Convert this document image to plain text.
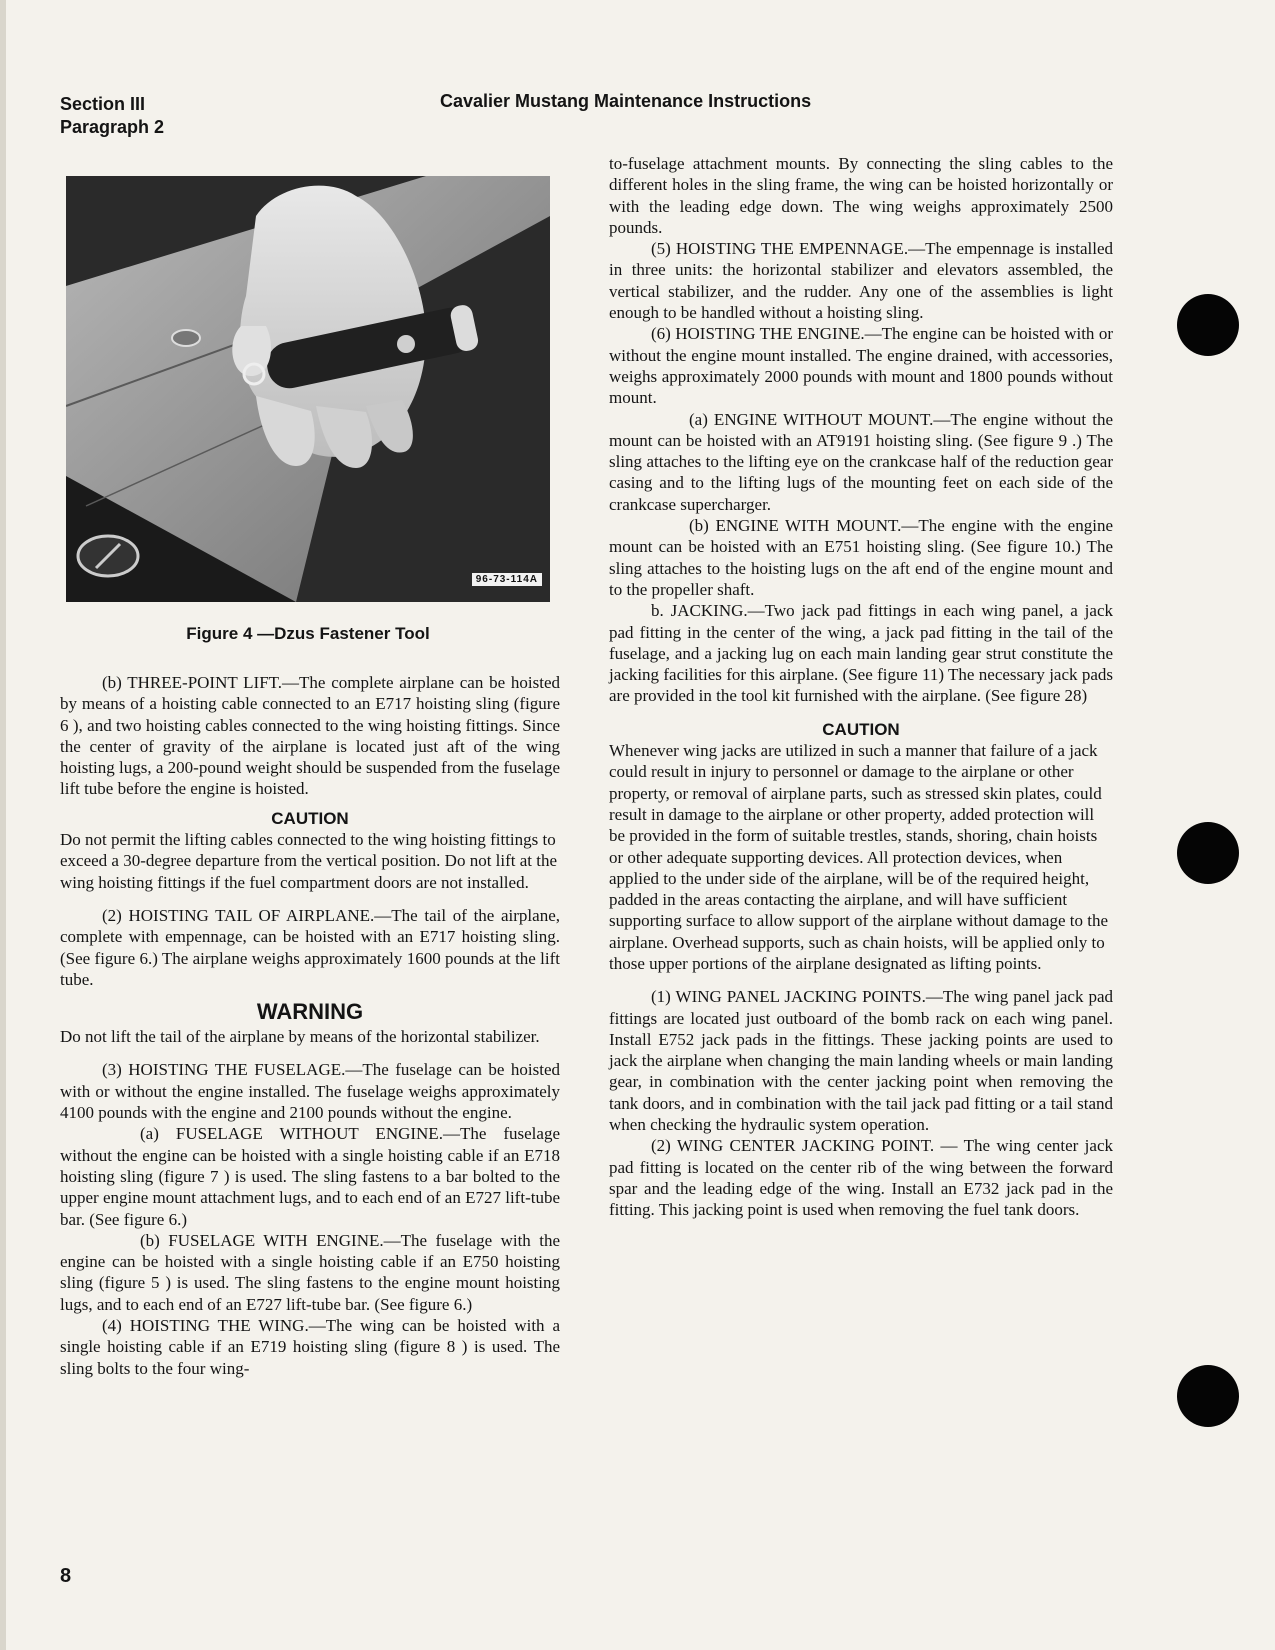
Section III
Paragraph 2
Cavalier Mustang Maintenance Instructions
96-73-114A
Figure 4 —Dzus Fastener Tool

(b) THREE-POINT LIFT.—The complete airplane can be hoisted by means of a hoisting cable connected to an E717 hoisting sling (figure 6 ), and two hoisting cables connected to the wing hoisting fittings. Since the center of gravity of the airplane is located just aft of the wing hoisting lugs, a 200-pound weight should be suspended from the fuselage lift tube before the engine is hoisted.

CAUTION

Do not permit the lifting cables connected to the wing hoisting fittings to exceed a 30-degree departure from the vertical position. Do not lift at the wing hoisting fittings if the fuel compartment doors are not installed.

(2) HOISTING TAIL OF AIRPLANE.—The tail of the airplane, complete with empennage, can be hoisted with an E717 hoisting sling. (See figure 6.) The airplane weighs approximately 1600 pounds at the lift tube.

WARNING

Do not lift the tail of the airplane by means of the horizontal stabilizer.

(3) HOISTING THE FUSELAGE.—The fuselage can be hoisted with or without the engine installed. The fuselage weighs approximately 4100 pounds with the engine and 2100 pounds without the engine.

(a) FUSELAGE WITHOUT ENGINE.—The fuselage without the engine can be hoisted with a single hoisting cable if an E718 hoisting sling (figure 7 ) is used. The sling fastens to a bar bolted to the upper engine mount attachment lugs, and to each end of an E727 lift-tube bar. (See figure 6.)

(b) FUSELAGE WITH ENGINE.—The fuselage with the engine can be hoisted with a single hoisting cable if an E750 hoisting sling (figure 5 ) is used. The sling fastens to the engine mount hoisting lugs, and to each end of an E727 lift-tube bar. (See figure 6.)

(4) HOISTING THE WING.—The wing can be hoisted with a single hoisting cable if an E719 hoisting sling (figure 8 ) is used. The sling bolts to the four wing-

to-fuselage attachment mounts. By connecting the sling cables to the different holes in the sling frame, the wing can be hoisted horizontally or with the leading edge down. The wing weighs approximately 2500 pounds.

(5) HOISTING THE EMPENNAGE.—The empennage is installed in three units: the horizontal stabilizer and elevators assembled, the vertical stabilizer, and the rudder. Any one of the assemblies is light enough to be handled without a hoisting sling.

(6) HOISTING THE ENGINE.—The engine can be hoisted with or without the engine mount installed. The engine drained, with accessories, weighs approximately 2000 pounds with mount and 1800 pounds without mount.

(a) ENGINE WITHOUT MOUNT.—The engine without the mount can be hoisted with an AT9191 hoisting sling. (See figure 9 .) The sling attaches to the lifting eye on the crankcase half of the reduction gear casing and to the lifting lugs of the mounting feet on each side of the crankcase supercharger.

(b) ENGINE WITH MOUNT.—The engine with the engine mount can be hoisted with an E751 hoisting sling. (See figure 10.) The sling attaches to the hoisting lugs on the aft end of the engine mount and to the propeller shaft.

b. JACKING.—Two jack pad fittings in each wing panel, a jack pad fitting in the center of the wing, a jack pad fitting in the tail of the fuselage, and a jacking lug on each main landing gear strut constitute the jacking facilities for this airplane. (See figure 11) The necessary jack pads are provided in the tool kit furnished with the airplane. (See figure 28)

CAUTION

Whenever wing jacks are utilized in such a manner that failure of a jack could result in injury to personnel or damage to the airplane or other property, or removal of airplane parts, such as stressed skin plates, could result in damage to the airplane or other property, added protection will be provided in the form of suitable trestles, stands, shoring, chain hoists or other adequate supporting devices. All protection devices, when applied to the under side of the airplane, will be of the required height, padded in the areas contacting the airplane, and will have sufficient supporting surface to allow support of the airplane without damage to the airplane. Overhead supports, such as chain hoists, will be applied only to those upper portions of the airplane designated as lifting points.

(1) WING PANEL JACKING POINTS.—The wing panel jack pad fittings are located just outboard of the bomb rack on each wing panel. Install E752 jack pads in the fittings. These jacking points are used to jack the airplane when changing the main landing wheels or main landing gear, in combination with the center jacking point when removing the tank doors, and in combination with the tail jack pad fitting or a tail stand when checking the hydraulic system operation.

(2) WING CENTER JACKING POINT. — The wing center jack pad fitting is located on the center rib of the wing between the forward spar and the leading edge of the wing. Install an E732 jack pad in the fitting. This jacking point is used when removing the fuel tank doors.

8
